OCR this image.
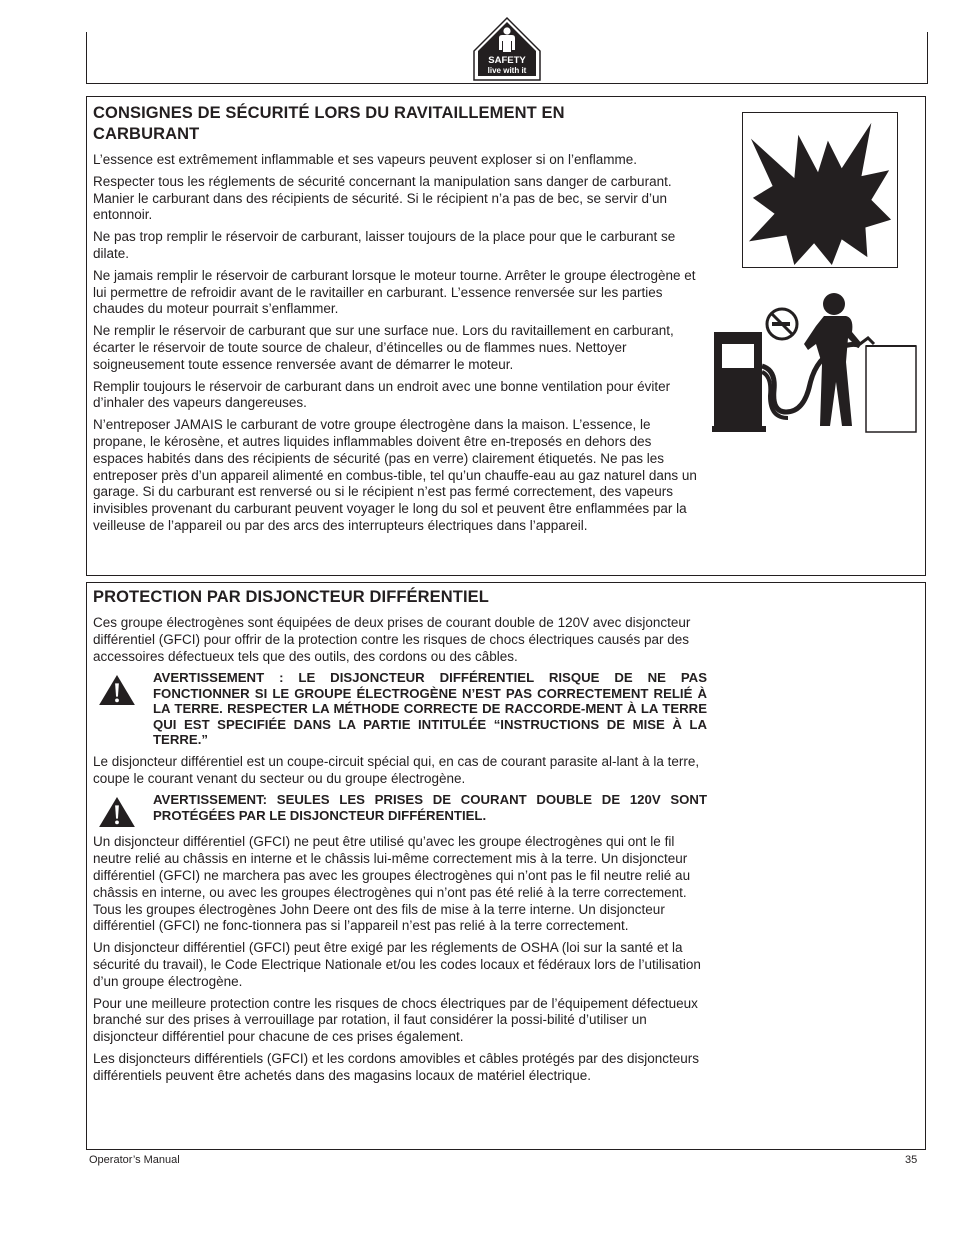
SAFETY
live with it
CONSIGNES DE SÉCURITÉ LORS DU RAVITAILLEMENT EN
CARBURANT

L’essence est extrêmement inflammable et ses vapeurs peuvent exploser si on l’enflamme.

Respecter tous les réglements de sécurité concernant la manipulation sans danger de carburant. Manier le carburant dans des récipients de sécurité. Si le récipient n’a pas de bec, se servir d’un entonnoir.

Ne pas trop remplir le réservoir de carburant, laisser toujours de la place pour que le carburant se dilate.

Ne jamais remplir le réservoir de carburant lorsque le moteur tourne. Arrêter le groupe électrogène et lui permettre de refroidir avant de le ravitailler en carburant. L’essence renversée sur les parties chaudes du moteur pourrait s’enflammer.

Ne remplir le réservoir de carburant que sur une surface nue. Lors du ravitaillement en carburant, écarter le réservoir de toute source de chaleur, d’étincelles ou de flammes nues. Nettoyer soigneusement toute essence renversée avant de démarrer le moteur.

Remplir toujours le réservoir de carburant dans un endroit avec une bonne ventilation pour éviter d’inhaler des vapeurs dangereuses.

N’entreposer JAMAIS le carburant de votre groupe électrogène dans la maison. L’essence, le propane, le kérosène, et autres liquides inflammables doivent être en-treposés en dehors des espaces habités dans des récipients de sécurité (pas en verre) clairement étiquetés. Ne pas les entreposer près d’un appareil alimenté en combus-tible, tel qu’un chauffe-eau au gaz naturel dans un garage. Si du carburant est renversé ou si le récipient n’est pas fermé correctement, des vapeurs invisibles provenant du carburant peuvent voyager le long du sol et peuvent être enflammées par la veilleuse de l’appareil ou par des arcs des interrupteurs électriques dans l’appareil.

PROTECTION PAR DISJONCTEUR DIFFÉRENTIEL

Ces groupe électrogènes sont équipées de deux prises de courant double de 120V avec disjoncteur différentiel (GFCI) pour offrir de la protection contre les risques de chocs électriques causés par des accessoires défectueux tels que des outils, des cordons ou des câbles.

AVERTISSEMENT : LE DISJONCTEUR DIFFÉRENTIEL RISQUE DE NE PAS FONCTIONNER SI LE GROUPE ÉLECTROGÈNE N’EST PAS CORRECTEMENT RELIÉ À LA TERRE. RESPECTER LA MÉTHODE CORRECTE DE RACCORDE-MENT À LA TERRE QUI EST SPECIFIÉE DANS LA PARTIE INTITULÉE “INSTRUCTIONS DE MISE À LA TERRE.”

Le disjoncteur différentiel est un coupe-circuit spécial qui, en cas de courant parasite al-lant à la terre, coupe le courant venant du secteur ou du groupe électrogène.

AVERTISSEMENT: SEULES LES PRISES DE COURANT DOUBLE DE 120V SONT PROTÉGÉES PAR LE DISJONCTEUR DIFFÉRENTIEL.

Un disjoncteur différentiel (GFCI) ne peut être utilisé qu’avec les groupe électrogènes qui ont le fil neutre relié au châssis en interne et le châssis lui-même correctement mis à la terre. Un disjoncteur différentiel (GFCI) ne marchera pas avec les groupes électrogènes qui n’ont pas le fil neutre relié au châssis en interne, ou avec les groupes électrogènes qui n’ont pas été relié à la terre correctement. Tous les groupes électrogènes John Deere ont des fils de mise à la terre interne. Un disjoncteur différentiel (GFCI) ne fonc-tionnera pas si l’appareil n’est pas relié à la terre correctement.

Un disjoncteur différentiel (GFCI) peut être exigé par les réglements de OSHA (loi sur la santé et la sécurité du travail), le Code Electrique Nationale et/ou les codes locaux et fédéraux lors de l’utilisation d’un groupe électrogène.

Pour une meilleure protection contre les risques de chocs électriques par de l’équipement défectueux branché sur des prises à verrouillage par rotation, il faut considérer la possi-bilité d’utiliser un disjoncteur différentiel pour chacune de ces prises également.

Les disjoncteurs différentiels (GFCI) et les cordons amovibles et câbles protégés par des disjoncteurs différentiels peuvent être achetés dans des magasins locaux de matériel électrique.

Operator’s Manual	35
